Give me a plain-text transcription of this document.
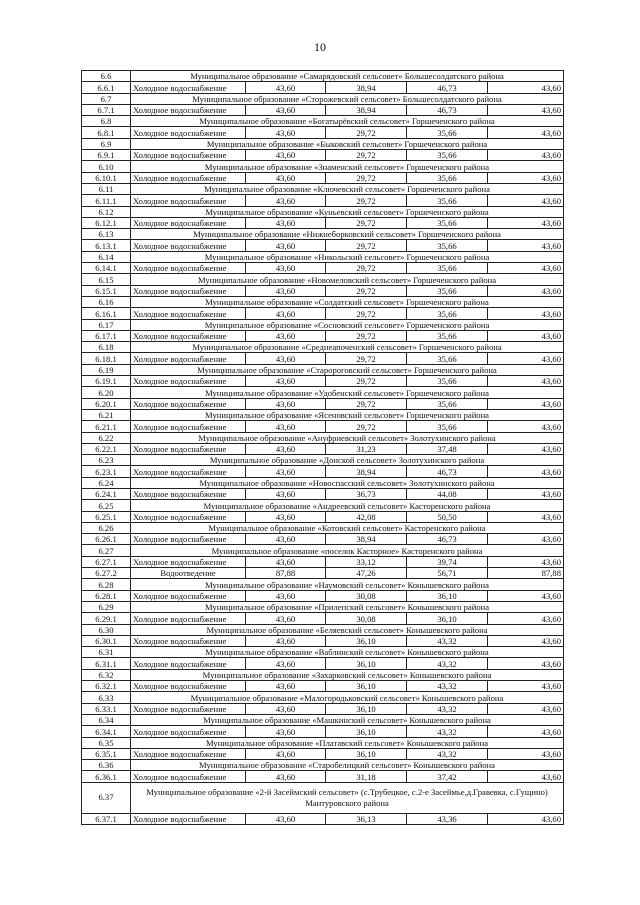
10
6.6	Муниципальное образование «Самарядовский сельсовет» Большесолдатского района				
6.6.1	Холодное водоснабжение	43,60	38,94	46,73	43,60
6.7	Муниципальное образование «Сторожевский сельсовет» Большесолдатского района				
6.7.1	Холодное водоснабжение	43,60	38,94	46,73	43,60
6.8	Муниципальное образование «Богатырёвский сельсовет» Горшеченского района				
6.8.1	Холодное водоснабжение	43,60	29,72	35,66	43,60
6.9	Муниципальное образование «Быковский сельсовет» Горшеченского района				
6.9.1	Холодное водоснабжение	43,60	29,72	35,66	43,60
6.10	Муниципальное образование «Знаменский сельсовет» Горшеченского района				
6.10.1	Холодное водоснабжение	43,60	29,72	35,66	43,60
6.11	Муниципальное образование «Ключевский сельсовет» Горшеченского района				
6.11.1	Холодное водоснабжение	43,60	29,72	35,66	43,60
6.12	Муниципальное образование «Куньевский сельсовет» Горшеченского района				
6.12.1	Холодное водоснабжение	43,60	29,72	35,66	43,60
6.13	Муниципальное образование «Нижнеборковский сельсовет» Горшеченского района				
6.13.1	Холодное водоснабжение	43,60	29,72	35,66	43,60
6.14	Муниципальное образование «Никольский сельсовет» Горшеченского района				
6.14.1	Холодное водоснабжение	43,60	29,72	35,66	43,60
6.15	Муниципальное образование «Новомеловский сельсовет» Горшеченского района				
6.15.1	Холодное водоснабжение	43,60	29,72	35,66	43,60
6.16	Муниципальное образование «Солдатский сельсовет» Горшеченского района				
6.16.1	Холодное водоснабжение	43,60	29,72	35,66	43,60
6.17	Муниципальное образование «Сосновский сельсовет» Горшеченского района				
6.17.1	Холодное водоснабжение	43,60	29,72	35,66	43,60
6.18	Муниципальное образование «Среднеапоченский сельсовет» Горшеченского района				
6.18.1	Холодное водоснабжение	43,60	29,72	35,66	43,60
6.19	Муниципальное образование «Старороговский сельсовет» Горшеченского района				
6.19.1	Холодное водоснабжение	43,60	29,72	35,66	43,60
6.20	Муниципальное образование «Удобенский сельсовет» Горшеченского района				
6.20.1	Холодное водоснабжение	43,60	29,72	35,66	43,60
6.21	Муниципальное образование «Ясеновский сельсовет» Горшеченского района				
6.21.1	Холодное водоснабжение	43,60	29,72	35,66	43,60
6.22	Муниципальное образование «Ануфриевский сельсовет» Золотухинского района				
6.22.1	Холодное водоснабжение	43,60	31,23	37,48	43,60
6.23	Муниципальное образование «Донской сельсовет» Золотухинского района				
6.23.1	Холодное водоснабжение	43,60	38,94	46,73	43,60
6.24	Муниципальное образование «Новоспасский сельсовет» Золотухинского района				
6.24.1	Холодное водоснабжение	43,60	36,73	44,08	43,60
6.25	Муниципальное образование «Андреевский сельсовет» Касторенского района				
6.25.1	Холодное водоснабжение	43,60	42,08	50,50	43,60
6.26	Муниципальное образование «Котовский сельсовет» Касторенского района				
6.26.1	Холодное водоснабжение	43,60	38,94	46,73	43,60
6.27	Муниципальное образование «поселок Касторное» Касторенского района				
6.27.1	Холодное водоснабжение	43,60	33,12	39,74	43,60
6.27.2	Водоотведение	87,88	47,26	56,71	87,88
6.28	Муниципальное образование «Наумовский сельсовет» Конышевского района				
6.28.1	Холодное водоснабжение	43,60	30,08	36,10	43,60
6.29	Муниципальное образование «Прилепский сельсовет» Конышевского района				
6.29.1	Холодное водоснабжение	43,60	30,08	36,10	43,60
6.30	Муниципальное образование «Беляевский сельсовет» Конышевского района				
6.30.1	Холодное водоснабжение	43,60	36,10	43,32	43,60
6.31	Муниципальное образование «Ваблинский сельсовет» Конышевского района				
6.31.1	Холодное водоснабжение	43,60	36,10	43,32	43,60
6.32	Муниципальное образование «Захарковский сельсовет» Конышевского района				
6.32.1	Холодное водоснабжение	43,60	36,10	43,32	43,60
6.33	Муниципальное образование «Малогородьковский сельсовет» Конышевского района				
6.33.1	Холодное водоснабжение	43,60	36,10	43,32	43,60
6.34	Муниципальное образование «Машкинский сельсовет» Конышевского района				
6.34.1	Холодное водоснабжение	43,60	36,10	43,32	43,60
6.35	Муниципальное образование «Платавский сельсовет» Конышевского района				
6.35.1	Холодное водоснабжение	43,60	36,10	43,32	43,60
6.36	Муниципальное образование «Старобелицкий сельсовет» Конышевского района				
6.36.1	Холодное водоснабжение	43,60	31,18	37,42	43,60
6.37	Муниципальное образование «2-й Засеймский сельсовет» (с.Трубецкое, с.2-е Засеймье,д.Гравевка, с.Гущино) Мантуровского района				
6.37.1	Холодное водоснабжение	43,60	36,13	43,36	43,60
